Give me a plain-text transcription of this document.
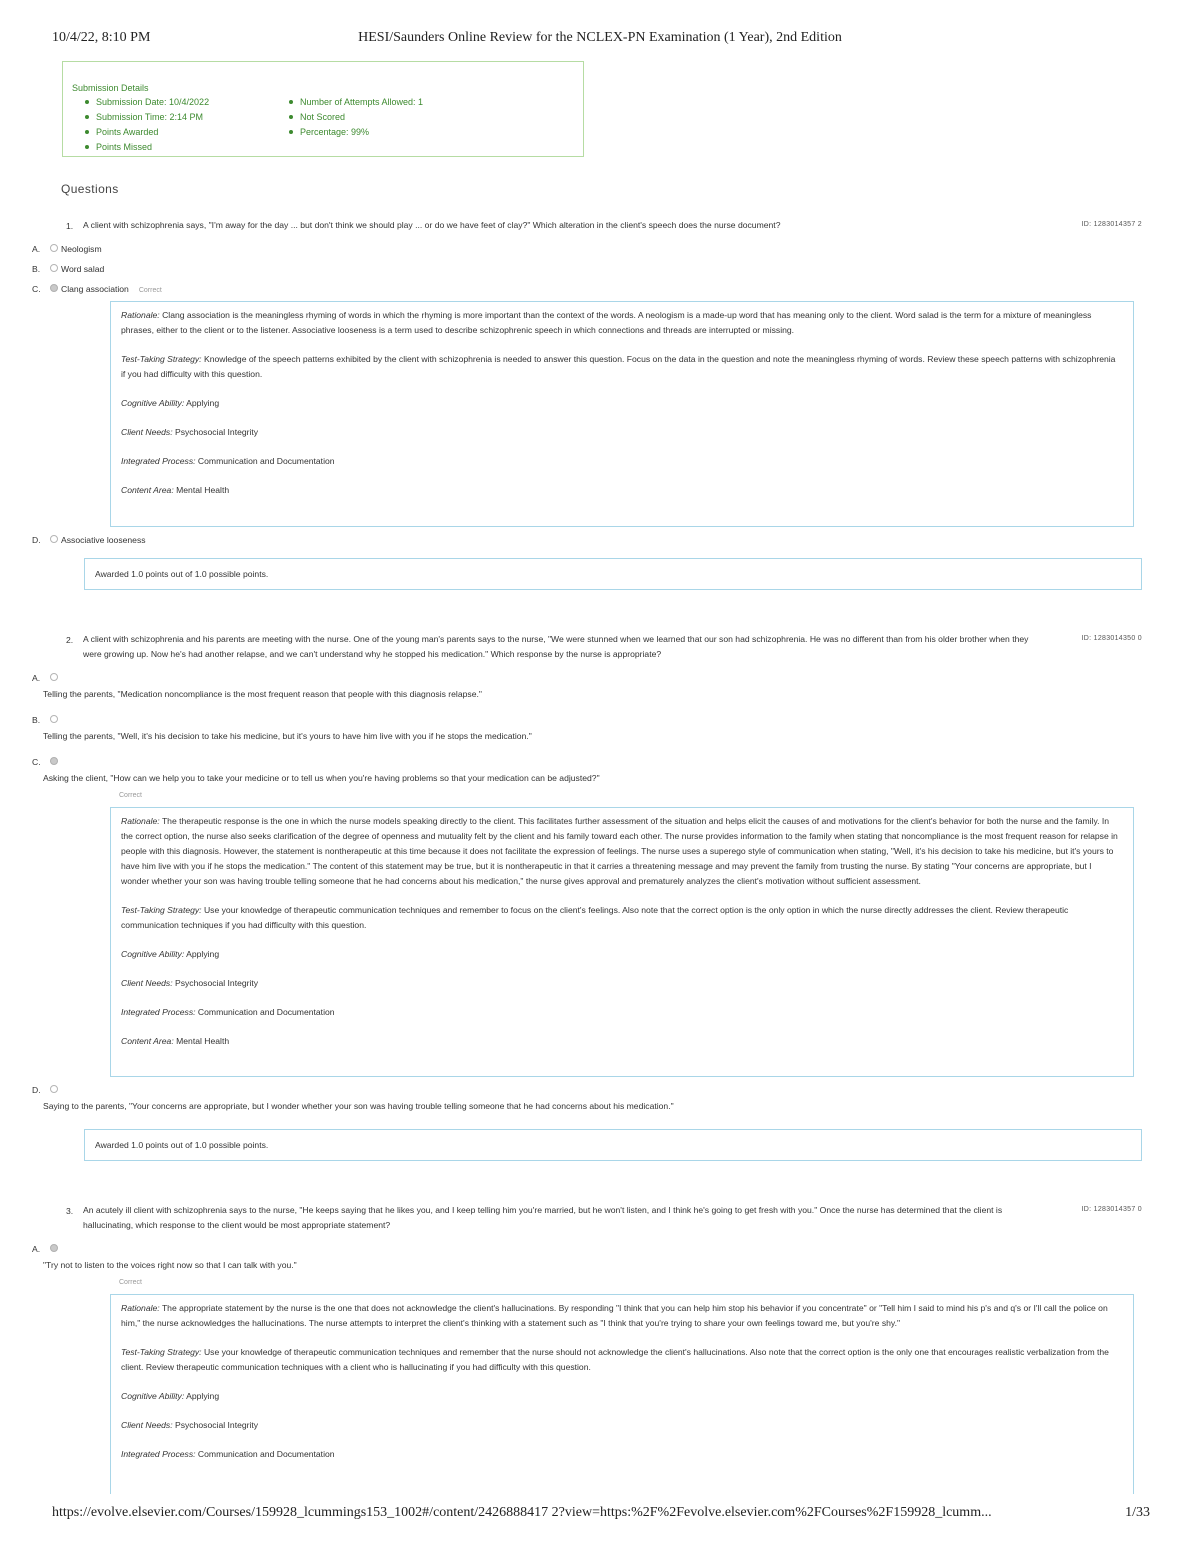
10/4/22, 8:10 PM	HESI/Saunders Online Review for the NCLEX-PN Examination (1 Year), 2nd Edition
Submission Details
Submission Date: 10/4/2022
Submission Time: 2:14 PM
Points Awarded
Points Missed
Number of Attempts Allowed: 1
Not Scored
Percentage: 99%
Questions
1. A client with schizophrenia says, "I'm away for the day ... but don't think we should play ... or do we have feet of clay?" Which alteration in the client's speech does the nurse document?	ID: 1283014357 2
A.	Neologism
B.	Word salad
C.	Clang association Correct

Rationale: Clang association is the meaningless rhyming of words in which the rhyming is more important than the context of the words. A neologism is a made-up word that has meaning only to the client. Word salad is the term for a mixture of meaningless phrases, either to the client or to the listener. Associative looseness is a term used to describe schizophrenic speech in which connections and threads are interrupted or missing.

Test-Taking Strategy: Knowledge of the speech patterns exhibited by the client with schizophrenia is needed to answer this question. Focus on the data in the question and note the meaningless rhyming of words. Review these speech patterns with schizophrenia if you had difficulty with this question.

Cognitive Ability: Applying

Client Needs: Psychosocial Integrity

Integrated Process: Communication and Documentation

Content Area: Mental Health

D.	Associative looseness
Awarded 1.0 points out of 1.0 possible points.
2. A client with schizophrenia and his parents are meeting with the nurse. One of the young man's parents says to the nurse, "We were stunned when we learned that our son had schizophrenia. He was no different than from his older brother when they were growing up. Now he's had another relapse, and we can't understand why he stopped his medication." Which response by the nurse is appropriate?
ID: 1283014350 0
A.
Telling the parents, "Medication noncompliance is the most frequent reason that people with this diagnosis relapse."
B.
Telling the parents, "Well, it's his decision to take his medicine, but it's yours to have him live with you if he stops the medication."
C.
Asking the client, "How can we help you to take your medicine or to tell us when you're having problems so that your medication can be adjusted?"
Correct

Rationale: The therapeutic response is the one in which the nurse models speaking directly to the client. This facilitates further assessment of the situation and helps elicit the causes of and motivations for the client's behavior for both the nurse and the family. In the correct option, the nurse also seeks clarification of the degree of openness and mutuality felt by the client and his family toward each other. The nurse provides information to the family when stating that noncompliance is the most frequent reason for relapse in people with this diagnosis. However, the statement is nontherapeutic at this time because it does not facilitate the expression of feelings. The nurse uses a superego style of communication when stating, "Well, it's his decision to take his medicine, but it's yours to have him live with you if he stops the medication." The content of this statement may be true, but it is nontherapeutic in that it carries a threatening message and may prevent the family from trusting the nurse. By stating "Your concerns are appropriate, but I wonder whether your son was having trouble telling someone that he had concerns about his medication," the nurse gives approval and prematurely analyzes the client's motivation without sufficient assessment.

Test-Taking Strategy: Use your knowledge of therapeutic communication techniques and remember to focus on the client's feelings. Also note that the correct option is the only option in which the nurse directly addresses the client. Review therapeutic communication techniques if you had difficulty with this question.

Cognitive Ability: Applying

Client Needs: Psychosocial Integrity

Integrated Process: Communication and Documentation

Content Area: Mental Health

D.
Saying to the parents, "Your concerns are appropriate, but I wonder whether your son was having trouble telling someone that he had concerns about his medication."
Awarded 1.0 points out of 1.0 possible points.
3. An acutely ill client with schizophrenia says to the nurse, "He keeps saying that he likes you, and I keep telling him you're married, but he won't listen, and I think he's going to get fresh with you." Once the nurse has determined that the client is hallucinating, which response to the client would be most appropriate statement?
ID: 1283014357 0
A.
"Try not to listen to the voices right now so that I can talk with you."
Correct

Rationale: The appropriate statement by the nurse is the one that does not acknowledge the client's hallucinations. By responding "I think that you can help him stop his behavior if you concentrate" or "Tell him I said to mind his p's and q's or I'll call the police on him," the nurse acknowledges the hallucinations. The nurse attempts to interpret the client's thinking with a statement such as "I think that you're trying to share your own feelings toward me, but you're shy."

Test-Taking Strategy: Use your knowledge of therapeutic communication techniques and remember that the nurse should not acknowledge the client's hallucinations. Also note that the correct option is the only one that encourages realistic verbalization from the client. Review therapeutic communication techniques with a client who is hallucinating if you had difficulty with this question.

Cognitive Ability: Applying

Client Needs: Psychosocial Integrity

Integrated Process: Communication and Documentation

https://evolve.elsevier.com/Courses/159928_lcummings153_1002#/content/2426888417 2?view=https:%2F%2Fevolve.elsevier.com%2FCourses%2F159928_lcumm...	1/33
